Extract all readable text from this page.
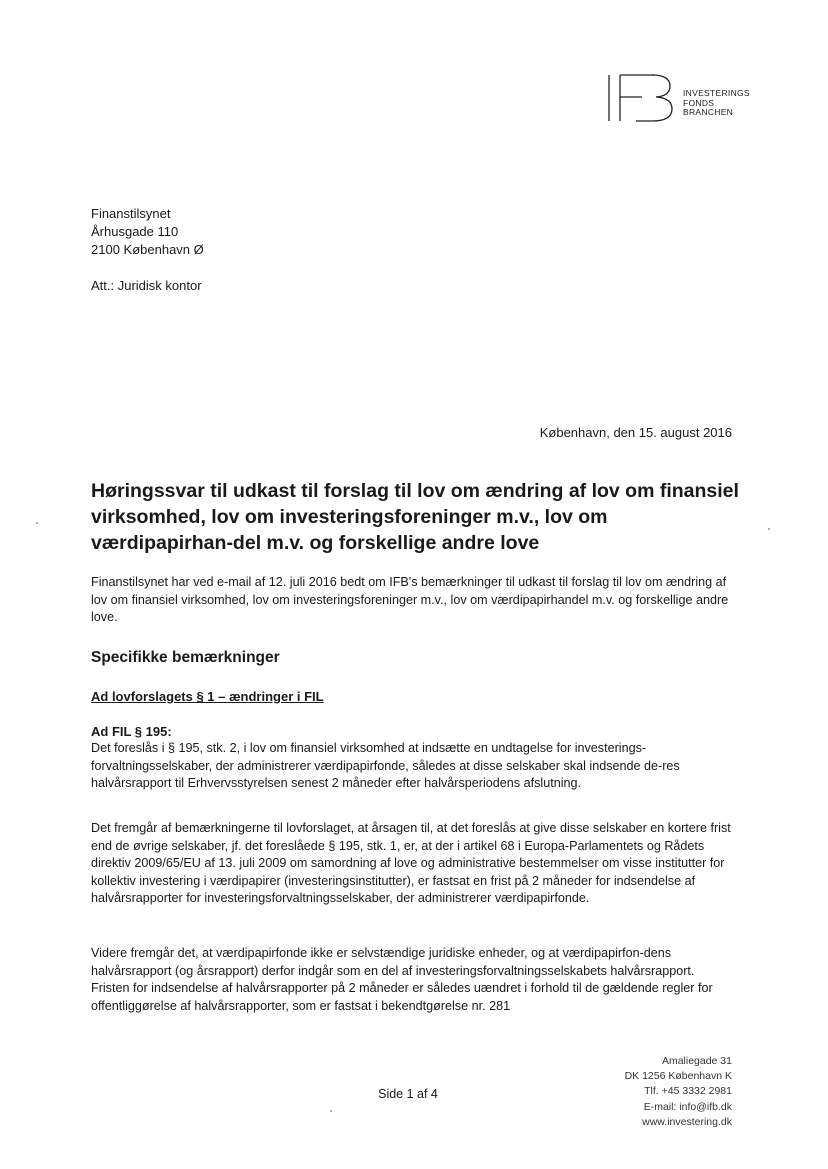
INVESTERINGS
FONDS
BRANCHEN
Finanstilsynet
Århusgade 110
2100 København Ø
Att.: Juridisk kontor
København, den 15. august 2016
Høringssvar til udkast til forslag til lov om ændring af lov om finansiel virksomhed, lov om investeringsforeninger m.v., lov om værdipapirhan-del m.v. og forskellige andre love

Finanstilsynet har ved e-mail af 12. juli 2016 bedt om IFB's bemærkninger til udkast til forslag til lov om ændring af lov om finansiel virksomhed, lov om investeringsforeninger m.v., lov om værdipapirhandel m.v. og forskellige andre love.

Specifikke bemærkninger
Ad lovforslagets § 1 – ændringer i FIL
Ad FIL § 195:

Det foreslås i § 195, stk. 2, i lov om finansiel virksomhed at indsætte en undtagelse for investerings-forvaltningsselskaber, der administrerer værdipapirfonde, således at disse selskaber skal indsende de-res halvårsrapport til Erhvervsstyrelsen senest 2 måneder efter halvårsperiodens afslutning.

Det fremgår af bemærkningerne til lovforslaget, at årsagen til, at det foreslås at give disse selskaber en kortere frist end de øvrige selskaber, jf. det foreslåede § 195, stk. 1, er, at der i artikel 68 i Europa-Parlamentets og Rådets direktiv 2009/65/EU af 13. juli 2009 om samordning af love og administrative bestemmelser om visse institutter for kollektiv investering i værdipapirer (investeringsinstitutter), er fastsat en frist på 2 måneder for indsendelse af halvårsrapporter for investeringsforvaltningsselskaber, der administrerer værdipapirfonde.

Videre fremgår det, at værdipapirfonde ikke er selvstændige juridiske enheder, og at værdipapirfon-dens halvårsrapport (og årsrapport) derfor indgår som en del af investeringsforvaltningsselskabets halvårsrapport. Fristen for indsendelse af halvårsrapporter på 2 måneder er således uændret i forhold til de gældende regler for offentliggørelse af halvårsrapporter, som er fastsat i bekendtgørelse nr. 281

Side 1 af 4
Amaliegade 31
DK 1256 København K
Tlf. +45 3332 2981
E-mail: info@ifb.dk
www.investering.dk
